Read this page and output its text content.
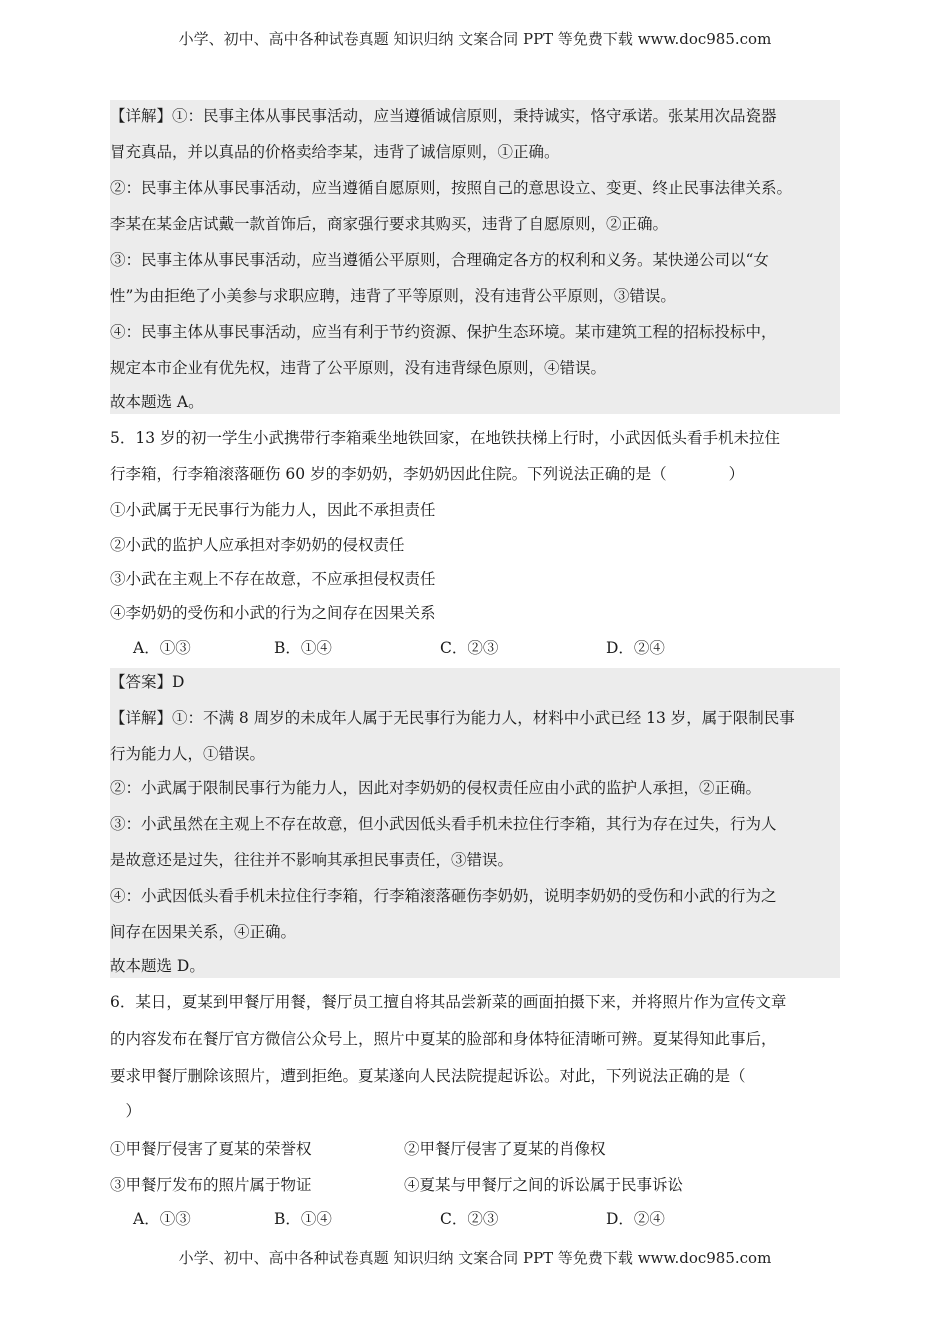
小学、初中、高中各种试卷真题 知识归纳 文案合同 PPT 等免费下载 www.doc985.com
【详解】①：民事主体从事民事活动，应当遵循诚信原则，秉持诚实，恪守承诺。张某用次品瓷器
冒充真品，并以真品的价格卖给李某，违背了诚信原则，①正确。
②：民事主体从事民事活动，应当遵循自愿原则，按照自己的意思设立、变更、终止民事法律关系。
李某在某金店试戴一款首饰后，商家强行要求其购买，违背了自愿原则，②正确。
③：民事主体从事民事活动，应当遵循公平原则，合理确定各方的权利和义务。某快递公司以“女
性”为由拒绝了小美参与求职应聘，违背了平等原则，没有违背公平原则，③错误。
④：民事主体从事民事活动，应当有利于节约资源、保护生态环境。某市建筑工程的招标投标中，
规定本市企业有优先权，违背了公平原则，没有违背绿色原则，④错误。
故本题选 A。
5．13 岁的初一学生小武携带行李箱乘坐地铁回家，在地铁扶梯上行时，小武因低头看手机未拉住
行李箱，行李箱滚落砸伤 60 岁的李奶奶，李奶奶因此住院。下列说法正确的是（　　　　）
①小武属于无民事行为能力人，因此不承担责任
②小武的监护人应承担对李奶奶的侵权责任
③小武在主观上不存在故意，不应承担侵权责任
④李奶奶的受伤和小武的行为之间存在因果关系
A．①③	B．①④	C．②③	D．②④
【答案】D
【详解】①：不满 8 周岁的未成年人属于无民事行为能力人，材料中小武已经 13 岁，属于限制民事
行为能力人，①错误。
②：小武属于限制民事行为能力人，因此对李奶奶的侵权责任应由小武的监护人承担，②正确。
③：小武虽然在主观上不存在故意，但小武因低头看手机未拉住行李箱，其行为存在过失，行为人
是故意还是过失，往往并不影响其承担民事责任，③错误。
④：小武因低头看手机未拉住行李箱，行李箱滚落砸伤李奶奶，说明李奶奶的受伤和小武的行为之
间存在因果关系，④正确。
故本题选 D。
6．某日，夏某到甲餐厅用餐，餐厅员工擅自将其品尝新菜的画面拍摄下来，并将照片作为宣传文章
的内容发布在餐厅官方微信公众号上，照片中夏某的脸部和身体特征清晰可辨。夏某得知此事后，
要求甲餐厅删除该照片，遭到拒绝。夏某遂向人民法院提起诉讼。对此，下列说法正确的是（
　）
①甲餐厅侵害了夏某的荣誉权	②甲餐厅侵害了夏某的肖像权
③甲餐厅发布的照片属于物证	④夏某与甲餐厅之间的诉讼属于民事诉讼
A．①③	B．①④	C．②③	D．②④
小学、初中、高中各种试卷真题 知识归纳 文案合同 PPT 等免费下载 www.doc985.com
